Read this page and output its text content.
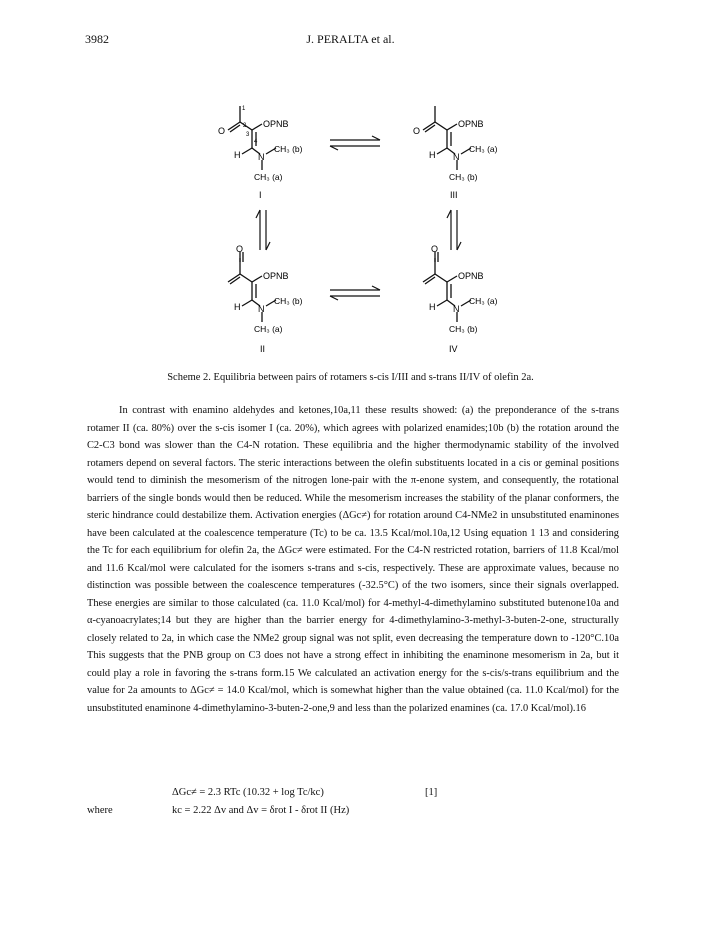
3982	J. PERALTA et al.
O
OPNB
H N
CH₃ (b)
CH₃ (a)
1
2
3
4
I
O
OPNB
H N
CH₃ (a)
CH₃ (b)
III
O
OPNB
H N
CH₃ (b)
CH₃ (a)
II
O
OPNB
H N
CH₃ (a)
CH₃ (b)
IV
Scheme 2. Equilibria between pairs of rotamers s-cis I/III and s-trans II/IV of olefin 2a.

In contrast with enamino aldehydes and ketones,10a,11 these results showed: (a) the preponderance of the s-trans rotamer II (ca. 80%) over the s-cis isomer I (ca. 20%), which agrees with polarized enamides;10b (b) the rotation around the C2-C3 bond was slower than the C4-N rotation. These equilibria and the higher thermodynamic stability of the involved rotamers depend on several factors. The steric interactions between the olefin substituents located in a cis or geminal positions would tend to diminish the mesomerism of the nitrogen lone-pair with the π-enone system, and consequently, the rotational barriers of the single bonds would then be reduced. While the mesomerism increases the stability of the planar conformers, the steric hindrance could destabilize them. Activation energies (ΔGc≠) for rotation around C4-NMe2 in unsubstituted enaminones have been calculated at the coalescence temperature (Tc) to be ca. 13.5 Kcal/mol.10a,12 Using equation 1 13 and considering the Tc for each equilibrium for olefin 2a, the ΔGc≠ were estimated. For the C4-N restricted rotation, barriers of 11.8 Kcal/mol and 11.6 Kcal/mol were calculated for the isomers s-trans and s-cis, respectively. These are approximate values, because no distinction was possible between the coalescence temperatures (-32.5°C) of the two isomers, since their signals overlapped. These energies are similar to those calculated (ca. 11.0 Kcal/mol) for 4-methyl-4-dimethylamino substituted butenone10a and α-cyanoacrylates;14 but they are higher than the barrier energy for 4-dimethylamino-3-methyl-3-buten-2-one, structurally closely related to 2a, in which case the NMe2 group signal was not split, even decreasing the temperature down to -120°C.10a This suggests that the PNB group on C3 does not have a strong effect in inhibiting the enaminone mesomerism in 2a, but it could play a role in favoring the s-trans form.15 We calculated an activation energy for the s-cis/s-trans equilibrium and the value for 2a amounts to ΔGc≠ = 14.0 Kcal/mol, which is somewhat higher than the value obtained (ca. 11.0 Kcal/mol) for the unsubstituted enaminone 4-dimethylamino-3-buten-2-one,9 and less than the polarized enamines (ca. 17.0 Kcal/mol).16

ΔGc≠ = 2.3 RTc (10.32 + log Tc/kc)	[1]
where	kc = 2.22 Δv and Δv = δrot I - δrot II (Hz)
